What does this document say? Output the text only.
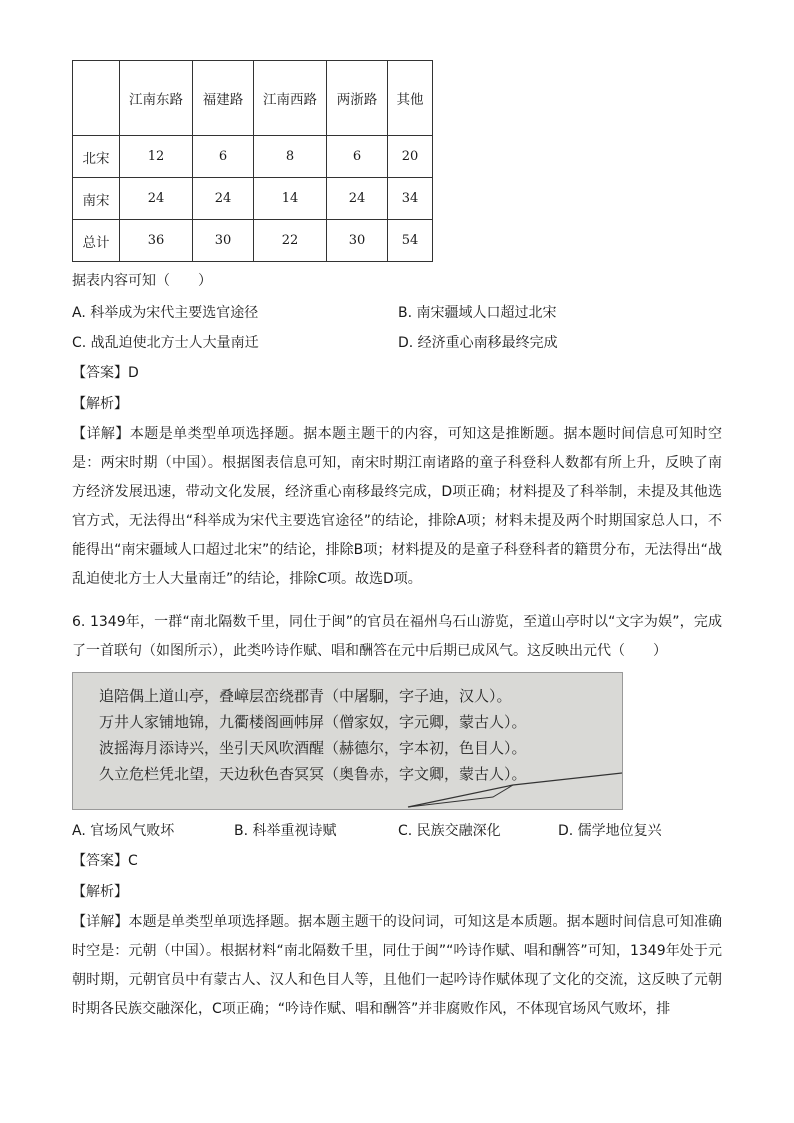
	江南东路	福建路	江南西路	两浙路	其他
北宋	12	6	8	6	20
南宋	24	24	14	24	34
总计	36	30	22	30	54
据表内容可知（　　）
A. 科举成为宋代主要选官途径	B. 南宋疆域人口超过北宋
C. 战乱迫使北方士人大量南迁	D. 经济重心南移最终完成
【答案】D
【解析】
【详解】本题是单类型单项选择题。据本题主题干的内容，可知这是推断题。据本题时间信息可知时空是：两宋时期（中国）。根据图表信息可知，南宋时期江南诸路的童子科登科人数都有所上升，反映了南方经济发展迅速，带动文化发展，经济重心南移最终完成，D项正确；材料提及了科举制，未提及其他选官方式，无法得出“科举成为宋代主要选官途径”的结论，排除A项；材料未提及两个时期国家总人口，不能得出“南宋疆域人口超过北宋”的结论，排除B项；材料提及的是童子科登科者的籍贯分布，无法得出“战乱迫使北方士人大量南迁”的结论，排除C项。故选D项。
6. 1349年，一群“南北隔数千里，同仕于闽”的官员在福州乌石山游览，至道山亭时以“文字为娱”，完成了一首联句（如图所示），此类吟诗作赋、唱和酬答在元中后期已成风气。这反映出元代（　　）
追陪偶上道山亭，叠嶂层峦绕郡青（中屠駉，字子迪，汉人）。
万井人家铺地锦，九衢楼阁画帏屏（僧家奴，字元卿，蒙古人）。
波摇海月添诗兴，坐引天风吹酒醒（赫德尔，字本初，色目人）。
久立危栏凭北望，天边秋色杳冥冥（奥鲁赤，字文卿，蒙古人）。
A. 官场风气败坏	B. 科举重视诗赋	C. 民族交融深化	D. 儒学地位复兴
【答案】C
【解析】
【详解】本题是单类型单项选择题。据本题主题干的设问词，可知这是本质题。据本题时间信息可知准确时空是：元朝（中国）。根据材料“南北隔数千里，同仕于闽”“吟诗作赋、唱和酬答”可知，1349年处于元朝时期，元朝官员中有蒙古人、汉人和色目人等，且他们一起吟诗作赋体现了文化的交流，这反映了元朝时期各民族交融深化，C项正确；“吟诗作赋、唱和酬答”并非腐败作风，不体现官场风气败坏，排
